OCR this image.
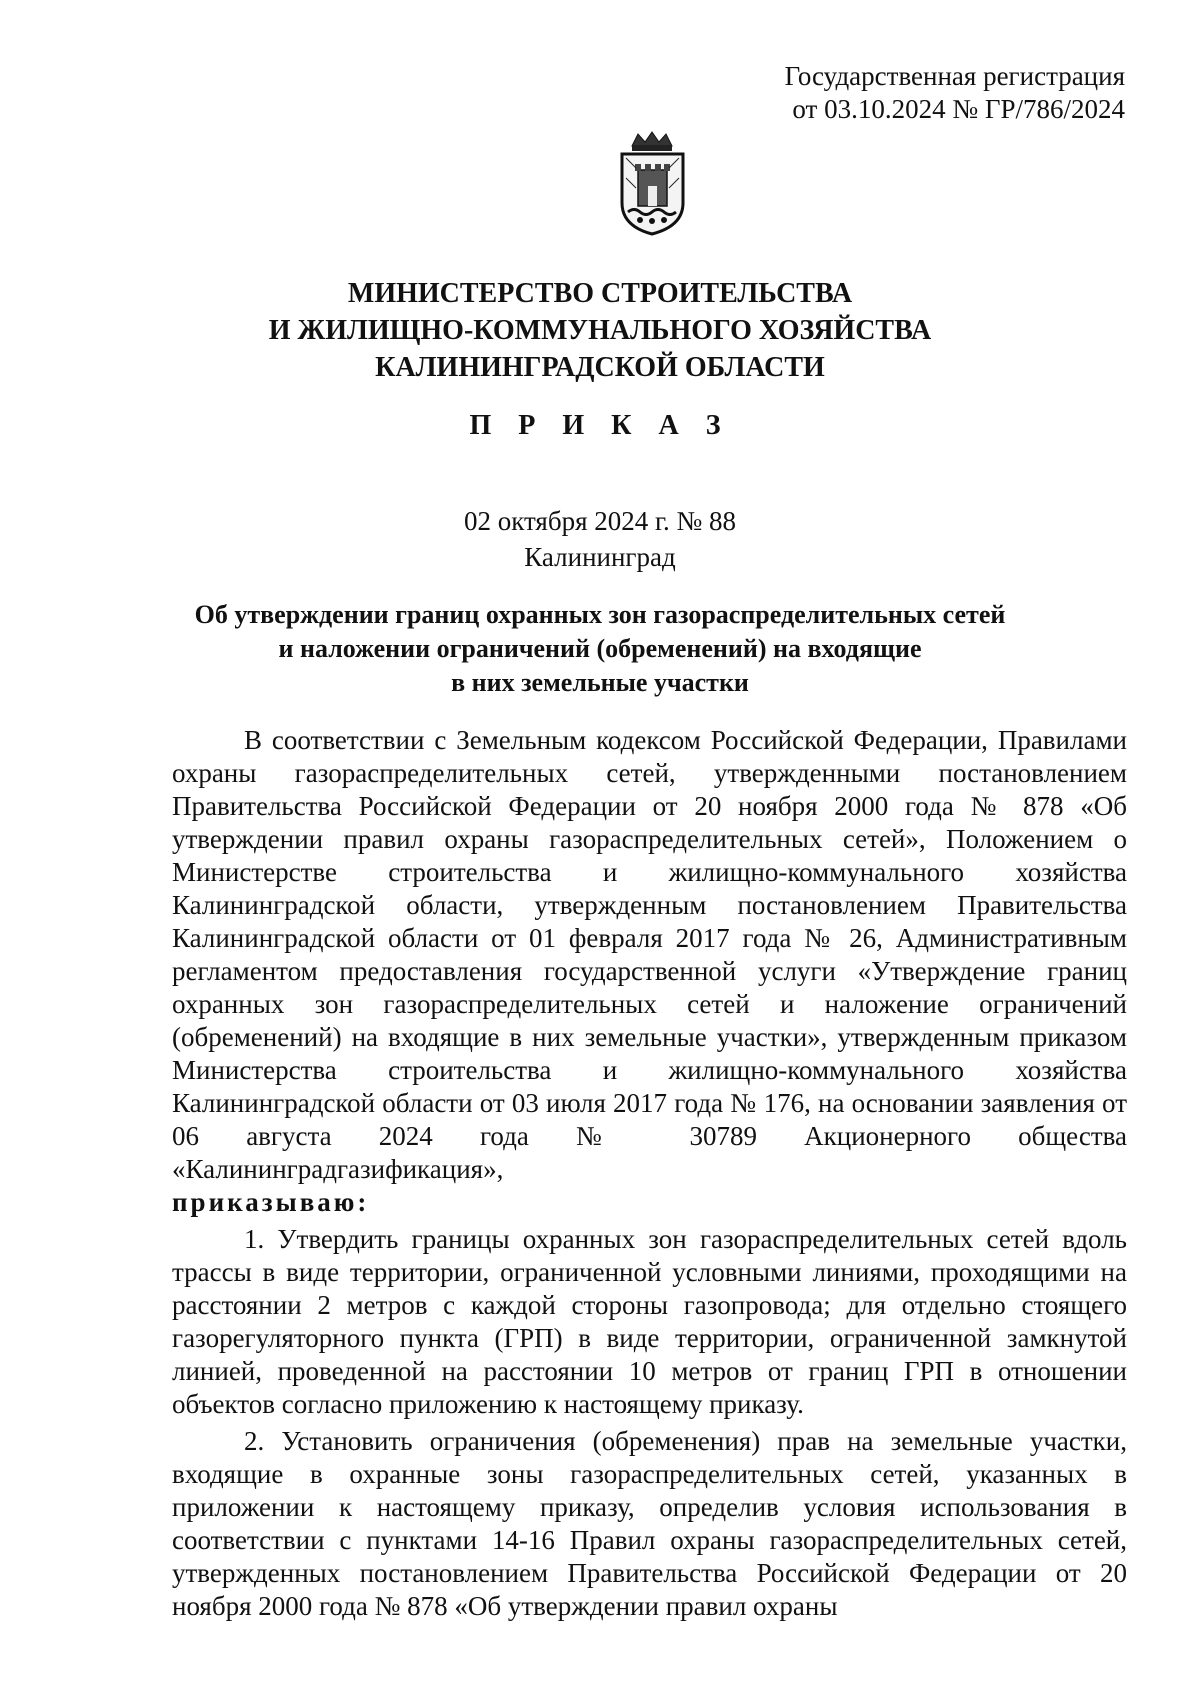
Государственная регистрация
от 03.10.2024 № ГР/786/2024
МИНИСТЕРСТВО СТРОИТЕЛЬСТВА
И ЖИЛИЩНО-КОММУНАЛЬНОГО ХОЗЯЙСТВА
КАЛИНИНГРАДСКОЙ ОБЛАСТИ
П Р И К А З
02 октября 2024 г. № 88
Калининград
Об утверждении границ охранных зон газораспределительных сетей
и наложении ограничений (обременений) на входящие
в них земельные участки

В соответствии с Земельным кодексом Российской Федерации, Правилами охраны газораспределительных сетей, утвержденными постановлением Правительства Российской Федерации от 20 ноября 2000 года № 878 «Об утверждении правил охраны газораспределительных сетей», Положением о Министерстве строительства и жилищно-коммунального хозяйства Калининградской области, утвержденным постановлением Правительства Калининградской области от 01 февраля 2017 года № 26, Административным регламентом предоставления государственной услуги «Утверждение границ охранных зон газораспределительных сетей и наложение ограничений (обременений) на входящие в них земельные участки», утвержденным приказом Министерства строительства и жилищно-коммунального хозяйства Калининградской области от 03 июля 2017 года № 176, на основании заявления от 06 августа 2024 года № 30789 Акционерного общества «Калининградгазификация»,

приказываю:

1. Утвердить границы охранных зон газораспределительных сетей вдоль трассы в виде территории, ограниченной условными линиями, проходящими на расстоянии 2 метров с каждой стороны газопровода; для отдельно стоящего газорегуляторного пункта (ГРП) в виде территории, ограниченной замкнутой линией, проведенной на расстоянии 10 метров от границ ГРП в отношении объектов согласно приложению к настоящему приказу.

2. Установить ограничения (обременения) прав на земельные участки, входящие в охранные зоны газораспределительных сетей, указанных в приложении к настоящему приказу, определив условия использования в соответствии с пунктами 14-16 Правил охраны газораспределительных сетей, утвержденных постановлением Правительства Российской Федерации от 20 ноября 2000 года № 878 «Об утверждении правил охраны
